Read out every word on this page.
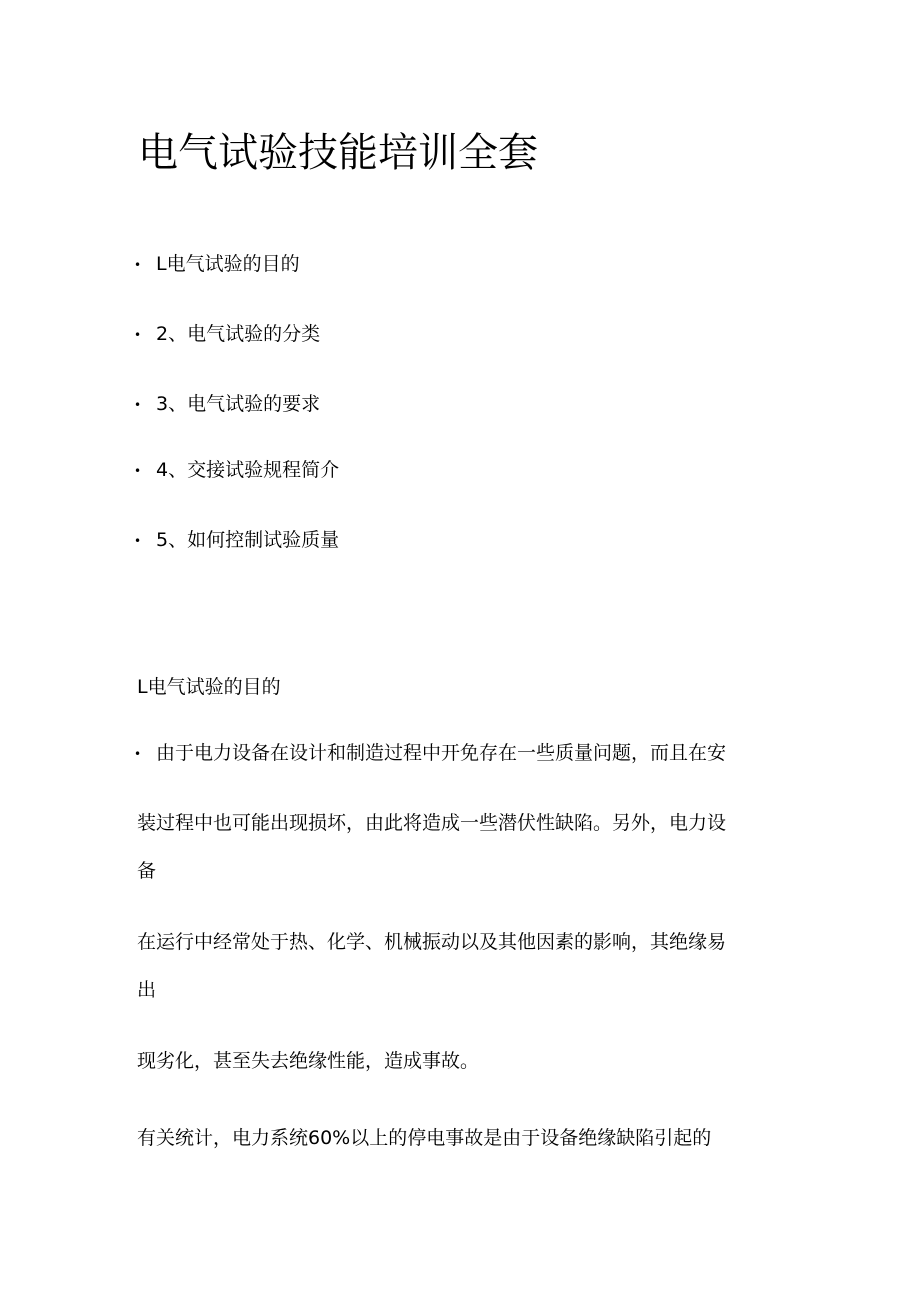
电气试验技能培训全套
• L电气试验的目的
• 2、电气试验的分类
• 3、电气试验的要求
• 4、交接试验规程简介
• 5、如何控制试验质量
L电气试验的目的
• 由于电力设备在设计和制造过程中开免存在一些质量问题，而且在安
装过程中也可能出现损坏，由此将造成一些潜伏性缺陷。另外，电力设
备
在运行中经常处于热、化学、机械振动以及其他因素的影响，其绝缘易
出
现劣化，甚至失去绝缘性能，造成事故。
有关统计，电力系统60%以上的停电事故是由于设备绝缘缺陷引起的
